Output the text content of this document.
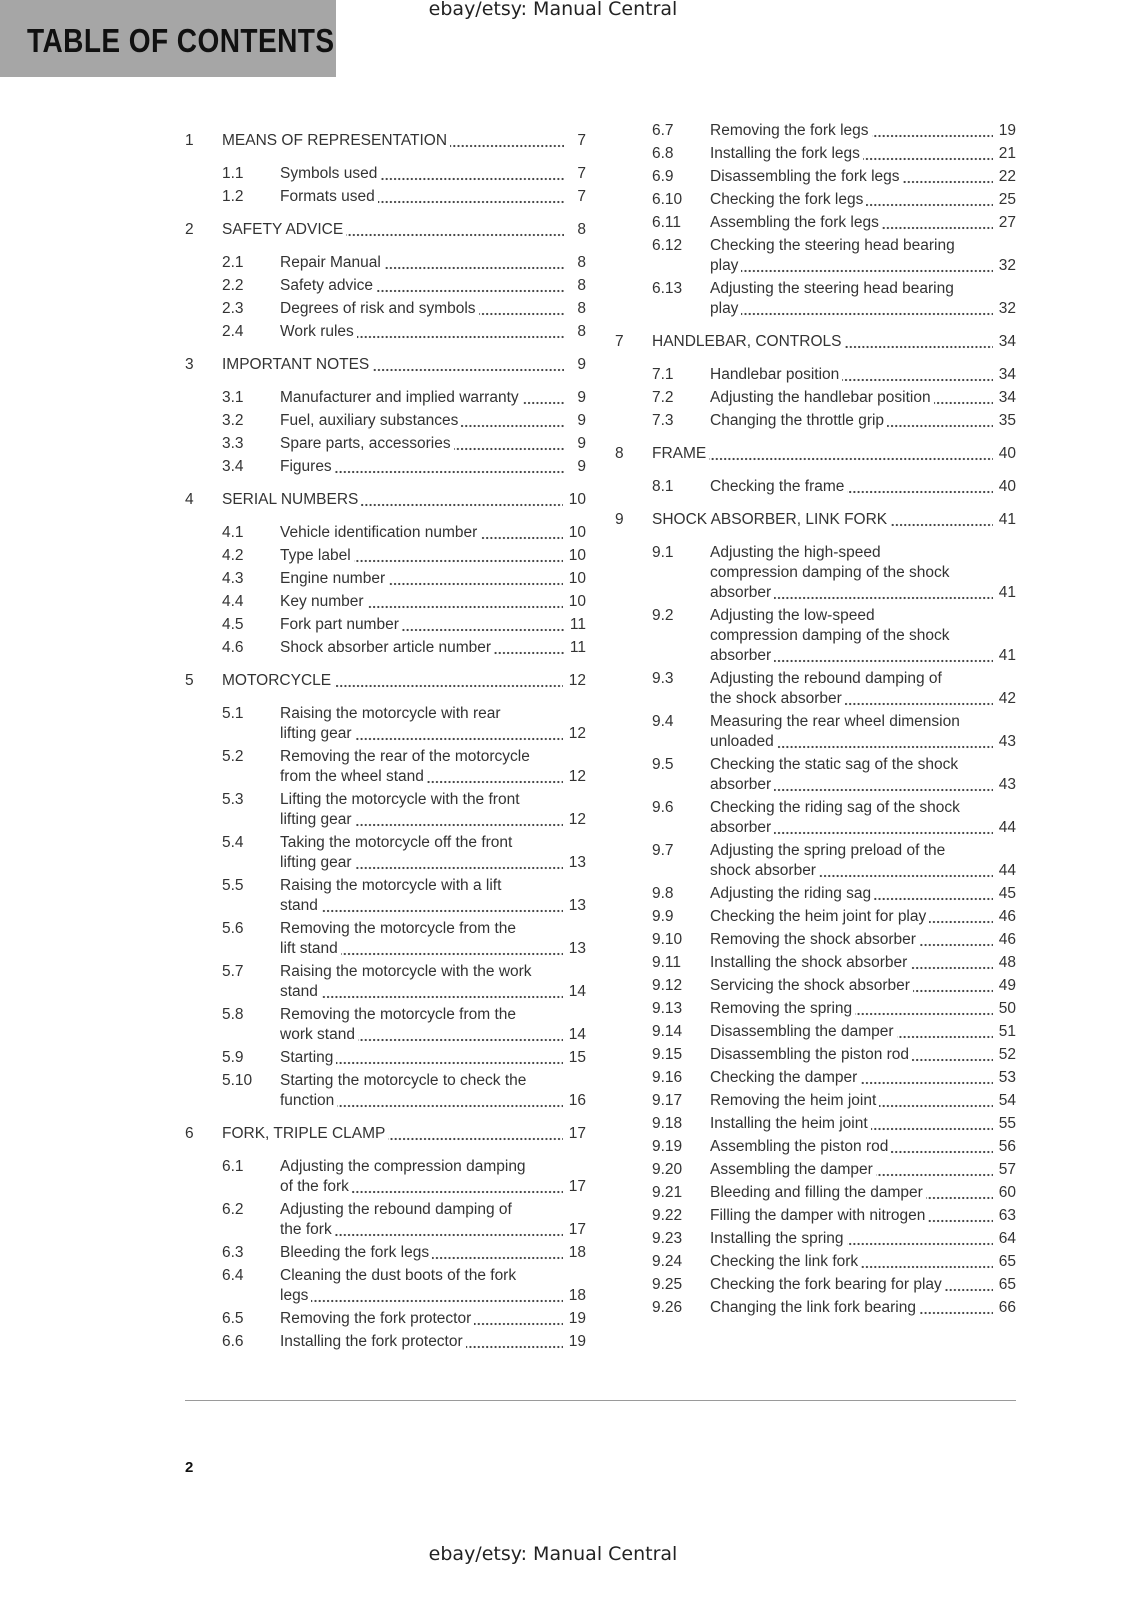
TABLE OF CONTENTS
ebay/etsy: Manual Central
1	MEANS OF REPRESENTATION	7
1.1	Symbols used	7
1.2	Formats used	7
2	SAFETY ADVICE	8
2.1	Repair Manual	8
2.2	Safety advice	8
2.3	Degrees of risk and symbols	8
2.4	Work rules	8
3	IMPORTANT NOTES	9
3.1	Manufacturer and implied warranty	9
3.2	Fuel, auxiliary substances	9
3.3	Spare parts, accessories	9
3.4	Figures	9
4	SERIAL NUMBERS	10
4.1	Vehicle identification number	10
4.2	Type label	10
4.3	Engine number	10
4.4	Key number	10
4.5	Fork part number	11
4.6	Shock absorber article number	11
5	MOTORCYCLE	12
5.1	Raising the motorcycle with rear
lifting gear	12
5.2	Removing the rear of the motorcycle
from the wheel stand	12
5.3	Lifting the motorcycle with the front
lifting gear	12
5.4	Taking the motorcycle off the front
lifting gear	13
5.5	Raising the motorcycle with a lift
stand	13
5.6	Removing the motorcycle from the
lift stand	13
5.7	Raising the motorcycle with the work
stand	14
5.8	Removing the motorcycle from the
work stand	14
5.9	Starting	15
5.10	Starting the motorcycle to check the
function	16
6	FORK, TRIPLE CLAMP	17
6.1	Adjusting the compression damping
of the fork	17
6.2	Adjusting the rebound damping of
the fork	17
6.3	Bleeding the fork legs	18
6.4	Cleaning the dust boots of the fork
legs	18
6.5	Removing the fork protector	19
6.6	Installing the fork protector	19
6.7	Removing the fork legs	19
6.8	Installing the fork legs	21
6.9	Disassembling the fork legs	22
6.10	Checking the fork legs	25
6.11	Assembling the fork legs	27
6.12	Checking the steering head bearing
play	32
6.13	Adjusting the steering head bearing
play	32
7	HANDLEBAR, CONTROLS	34
7.1	Handlebar position	34
7.2	Adjusting the handlebar position	34
7.3	Changing the throttle grip	35
8	FRAME	40
8.1	Checking the frame	40
9	SHOCK ABSORBER, LINK FORK	41
9.1	Adjusting the high-speed
compression damping of the shock
absorber	41
9.2	Adjusting the low-speed
compression damping of the shock
absorber	41
9.3	Adjusting the rebound damping of
the shock absorber	42
9.4	Measuring the rear wheel dimension
unloaded	43
9.5	Checking the static sag of the shock
absorber	43
9.6	Checking the riding sag of the shock
absorber	44
9.7	Adjusting the spring preload of the
shock absorber	44
9.8	Adjusting the riding sag	45
9.9	Checking the heim joint for play	46
9.10	Removing the shock absorber	46
9.11	Installing the shock absorber	48
9.12	Servicing the shock absorber	49
9.13	Removing the spring	50
9.14	Disassembling the damper	51
9.15	Disassembling the piston rod	52
9.16	Checking the damper	53
9.17	Removing the heim joint	54
9.18	Installing the heim joint	55
9.19	Assembling the piston rod	56
9.20	Assembling the damper	57
9.21	Bleeding and filling the damper	60
9.22	Filling the damper with nitrogen	63
9.23	Installing the spring	64
9.24	Checking the link fork	65
9.25	Checking the fork bearing for play	65
9.26	Changing the link fork bearing	66
2
ebay/etsy: Manual Central
